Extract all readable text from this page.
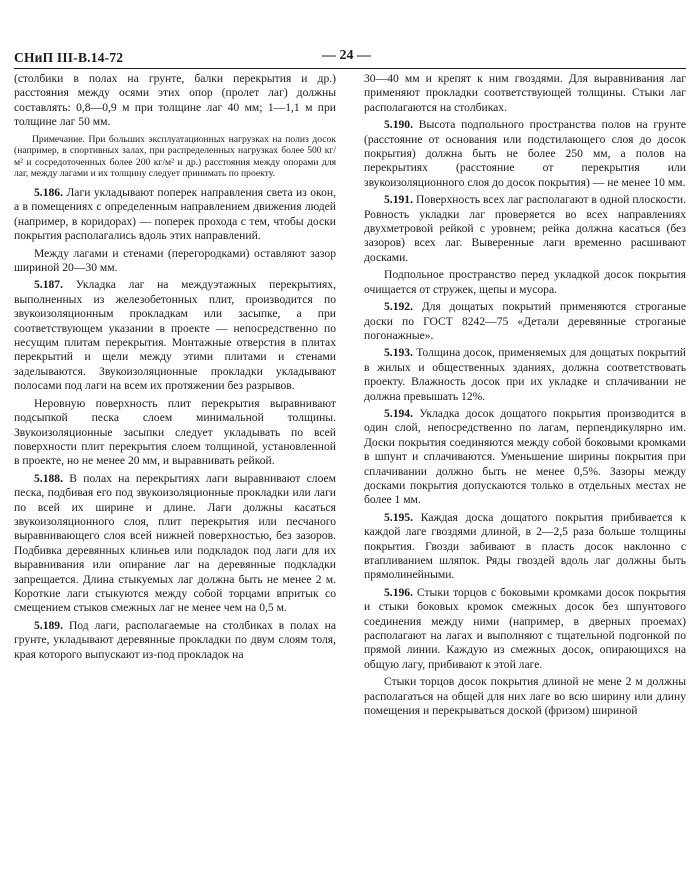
СНиП III-В.14-72	— 24 —

(столбики в полах на грунте, балки перекрытия и др.) расстояния между осями этих опор (пролет лаг) должны составлять: 0,8—0,9 м при толщине лаг 40 мм; 1—1,1 м при толщине лаг 50 мм.

Примечание. При больших эксплуатационных нагрузках на полиз досок (например, в спортивных залах, при распределенных нагрузках более 500 кг/м² и сосредоточенных более 200 кг/м² и др.) расстояния между опорами для лаг, между лагами и их толщину следует принимать по проекту.

5.186. Лаги укладывают поперек направления света из окон, а в помещениях с определенным направлением движения людей (например, в коридорах) — поперек прохода с тем, чтобы доски покрытия располагались вдоль этих направлений.

Между лагами и стенами (перегородками) оставляют зазор шириной 20—30 мм.

5.187. Укладка лаг на междуэтажных перекрытиях, выполненных из железобетонных плит, производится по звукоизоляционным прокладкам или засыпке, а при соответствующем указании в проекте — непосредственно по несущим плитам перекрытия. Монтажные отверстия в плитах перекрытий и щели между этими плитами и стенами заделываются. Звукоизоляционные прокладки укладывают полосами под лаги на всем их протяжении без разрывов.

Неровную поверхность плит перекрытия выравнивают подсыпкой песка слоем минимальной толщины. Звукоизоляционные засыпки следует укладывать по всей поверхности плит перекрытия слоем толщиной, установленной в проекте, но не менее 20 мм, и выравнивать рейкой.

5.188. В полах на перекрытиях лаги выравнивают слоем песка, подбивая его под звукоизоляционные прокладки или лаги по всей их ширине и длине. Лаги должны касаться звукоизоляционного слоя, плит перекрытия или песчаного выравнивающего слоя всей нижней поверхностью, без зазоров. Подбивка деревянных клиньев или подкладок под лаги для их выравнивания или опирание лаг на деревянные подкладки запрещается. Длина стыкуемых лаг должна быть не менее 2 м. Короткие лаги стыкуются между собой торцами впритык со смещением стыков смежных лаг не менее чем на 0,5 м.

5.189. Под лаги, располагаемые на столбиках в полах на грунте, укладывают деревянные прокладки по двум слоям толя, края которого выпускают из-под прокладок на

30—40 мм и крепят к ним гвоздями. Для выравнивания лаг применяют прокладки соответствующей толщины. Стыки лаг располагаются на столбиках.

5.190. Высота подпольного пространства полов на грунте (расстояние от основания или подстилающего слоя до досок покрытия) должна быть не более 250 мм, а полов на перекрытиях (расстояние от перекрытия или звукоизоляционного слоя до досок покрытия) — не менее 10 мм.

5.191. Поверхность всех лаг располагают в одной плоскости. Ровность укладки лаг проверяется во всех направлениях двухметровой рейкой с уровнем; рейка должна касаться (без зазоров) всех лаг. Выверенные лаги временно расшивают досками.

Подпольное пространство перед укладкой досок покрытия очищается от стружек, щепы и мусора.

5.192. Для дощатых покрытий применяются строганые доски по ГОСТ 8242—75 «Детали деревянные строганые погонажные».

5.193. Толщина досок, применяемых для дощатых покрытий в жилых и общественных зданиях, должна соответствовать проекту. Влажность досок при их укладке и сплачивании не должна превышать 12%.

5.194. Укладка досок дощатого покрытия производится в один слой, непосредственно по лагам, перпендикулярно им. Доски покрытия соединяются между собой боковыми кромками в шпунт и сплачиваются. Уменьшение ширины покрытия при сплачивании должно быть не менее 0,5%. Зазоры между досками покрытия допускаются только в отдельных местах не более 1 мм.

5.195. Каждая доска дощатого покрытия прибивается к каждой лаге гвоздями длиной, в 2—2,5 раза больше толщины покрытия. Гвозди забивают в пласть досок наклонно с втапливанием шляпок. Ряды гвоздей вдоль лаг должны быть прямолинейными.

5.196. Стыки торцов с боковыми кромками досок покрытия и стыки боковых кромок смежных досок без шпунтового соединения между ними (например, в дверных проемах) располагают на лагах и выполняют с тщательной подгонкой по прямой линии. Каждую из смежных досок, опирающихся на общую лагу, прибивают к этой лаге.

Стыки торцов досок покрытия длиной не мене 2 м должны располагаться на общей для них лаге во всю ширину или длину помещения и перекрываться доской (фризом) шириной
